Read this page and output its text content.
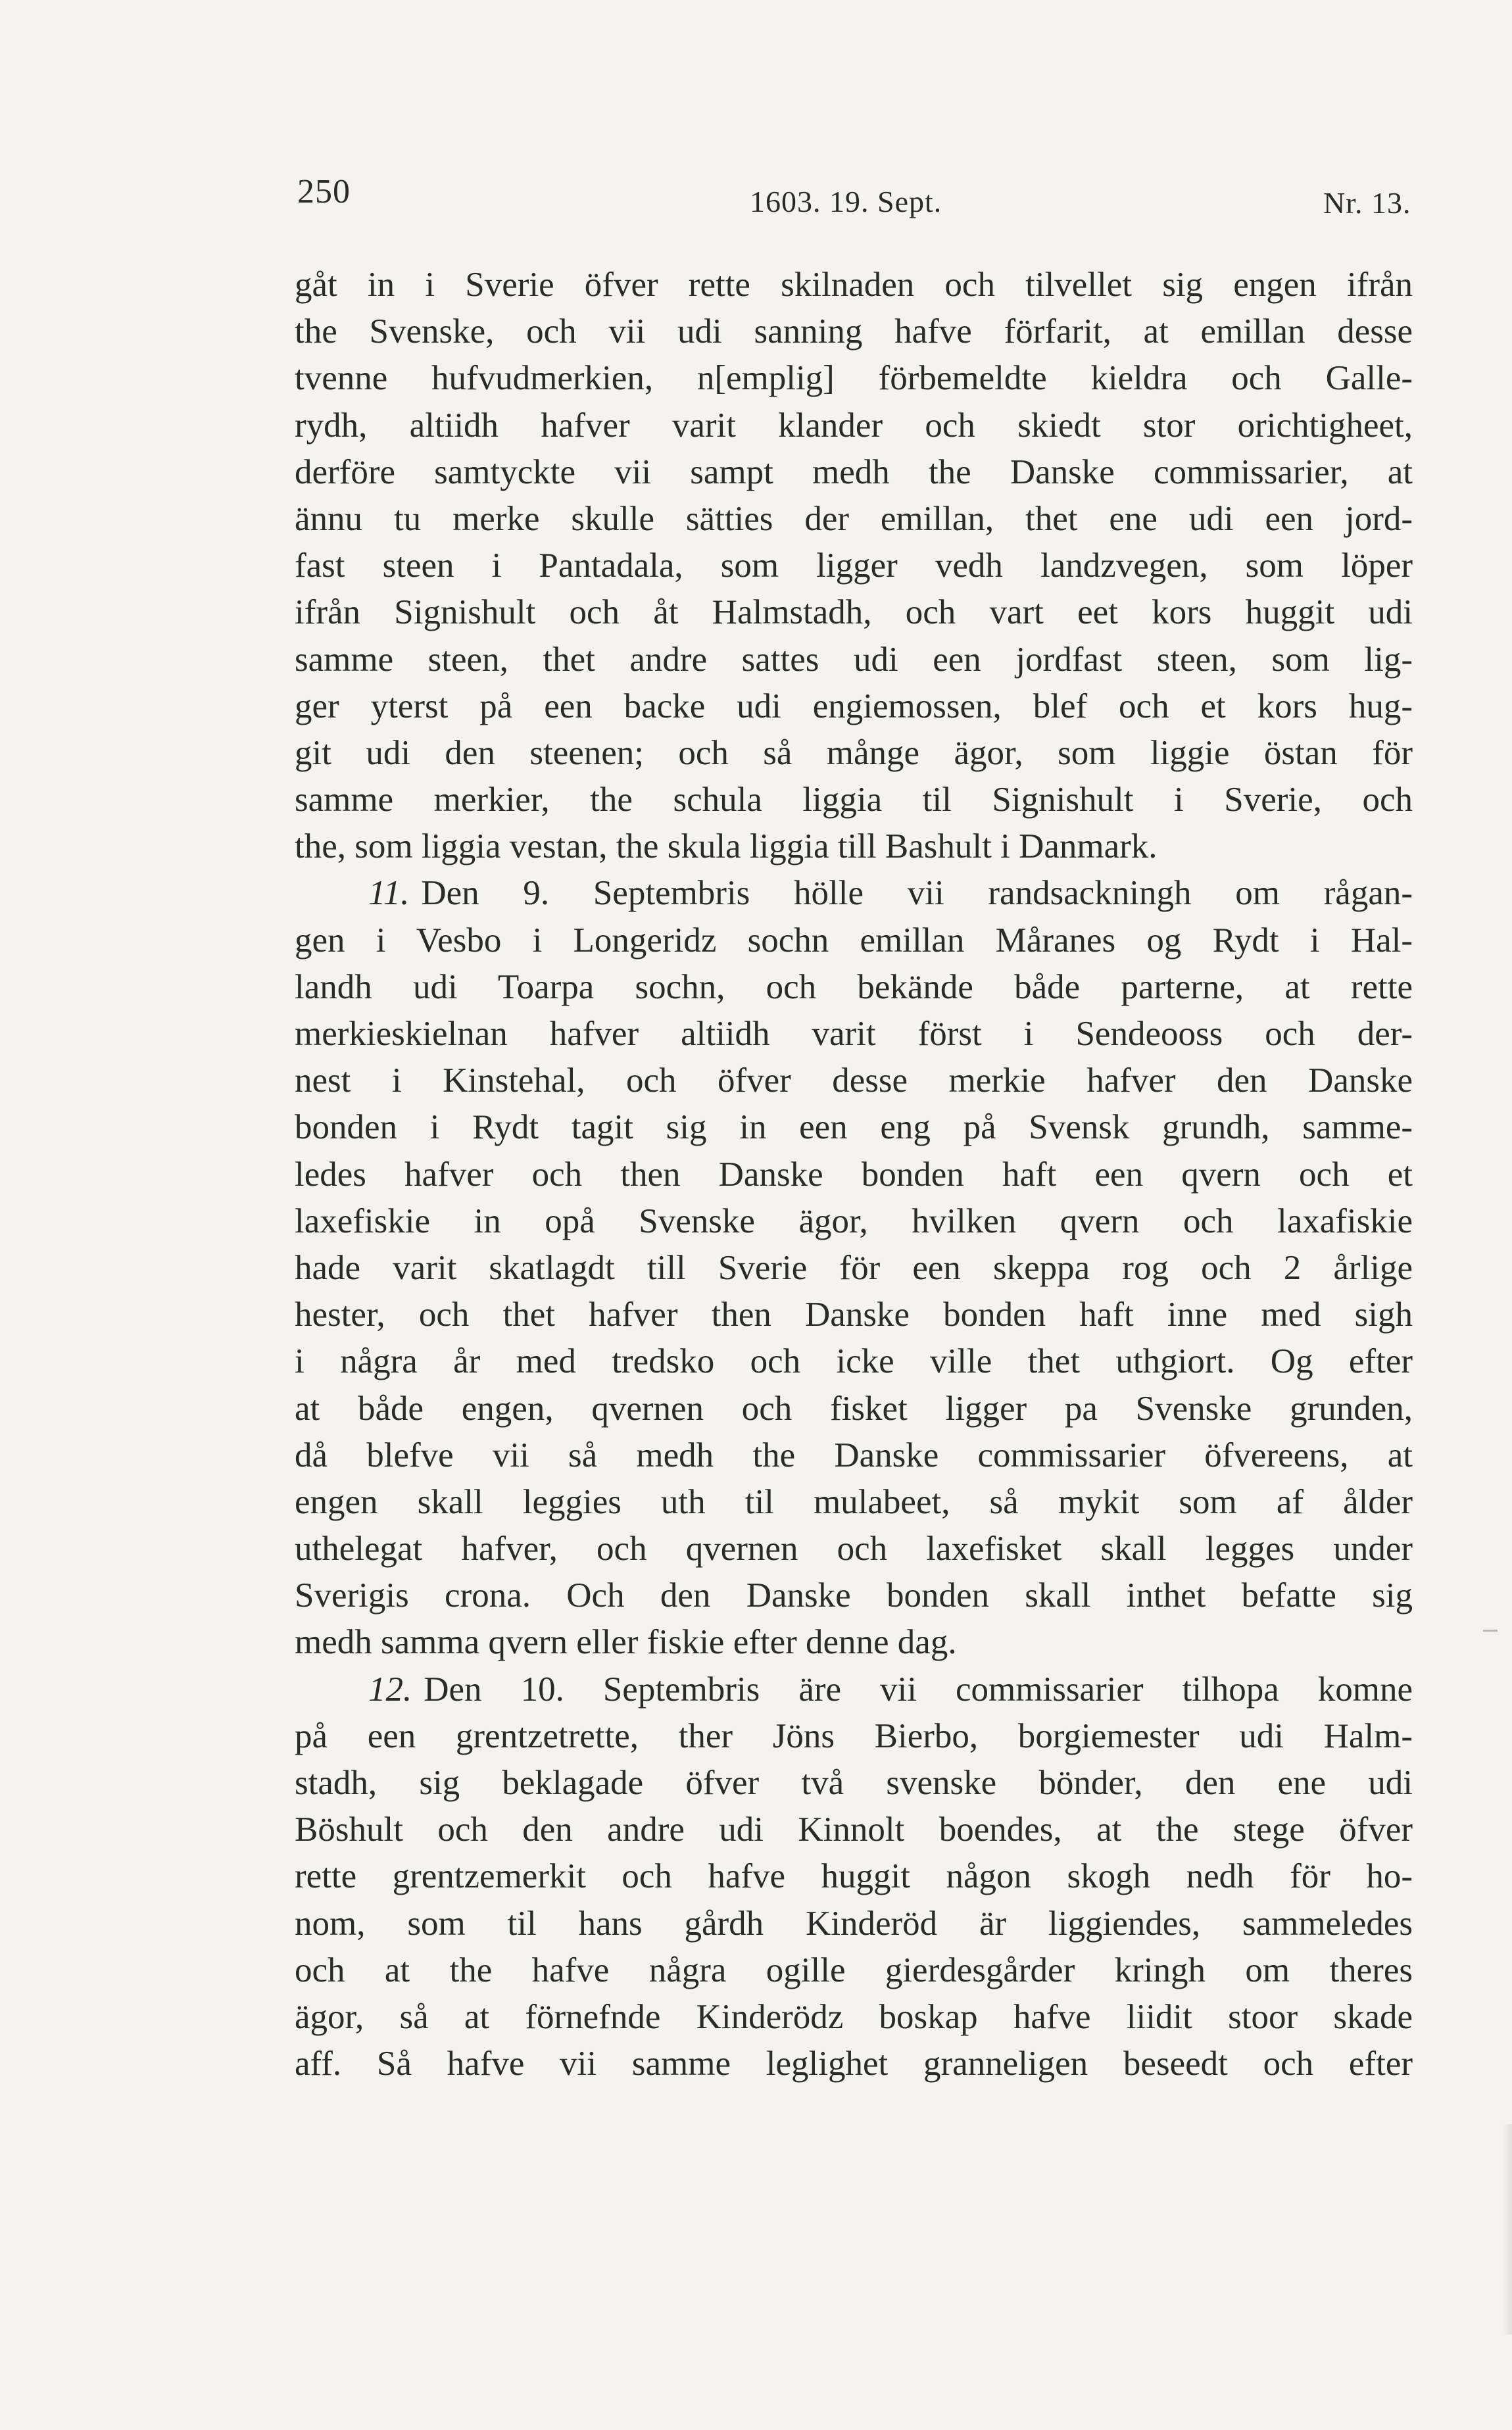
250	1603. 19. Sept.	Nr. 13.
gåt in i Sverie öfver rette skilnaden och tilvellet sig engen ifrån
the Svenske, och vii udi sanning hafve förfarit, at emillan desse
tvenne hufvudmerkien, n[emplig] förbemeldte kieldra och Galle-
rydh, altiidh hafver varit klander och skiedt stor orichtigheet,
derföre samtyckte vii sampt medh the Danske commissarier, at
ännu tu merke skulle sätties der emillan, thet ene udi een jord-
fast steen i Pantadala, som ligger vedh landzvegen, som löper
ifrån Signishult och åt Halmstadh, och vart eet kors huggit udi
samme steen, thet andre sattes udi een jordfast steen, som lig-
ger yterst på een backe udi engiemossen, blef och et kors hug-
git udi den steenen; och så månge ägor, som liggie östan för
samme merkier, the schula liggia til Signishult i Sverie, och
the, som liggia vestan, the skula liggia till Bashult i Danmark.
11. Den 9. Septembris hölle vii randsackningh om rågan-
gen i Vesbo i Longeridz sochn emillan Måranes og Rydt i Hal-
landh udi Toarpa sochn, och bekände både parterne, at rette
merkieskielnan hafver altiidh varit först i Sendeooss och der-
nest i Kinstehal, och öfver desse merkie hafver den Danske
bonden i Rydt tagit sig in een eng på Svensk grundh, samme-
ledes hafver och then Danske bonden haft een qvern och et
laxefiskie in opå Svenske ägor, hvilken qvern och laxafiskie
hade varit skatlagdt till Sverie för een skeppa rog och 2 årlige
hester, och thet hafver then Danske bonden haft inne med sigh
i några år med tredsko och icke ville thet uthgiort. Og efter
at både engen, qvernen och fisket ligger pa Svenske grunden,
då blefve vii så medh the Danske commissarier öfvereens, at
engen skall leggies uth til mulabeet, så mykit som af ålder
uthelegat hafver, och qvernen och laxefisket skall legges under
Sverigis crona. Och den Danske bonden skall inthet befatte sig
medh samma qvern eller fiskie efter denne dag.
12. Den 10. Septembris äre vii commissarier tilhopa komne
på een grentzetrette, ther Jöns Bierbo, borgiemester udi Halm-
stadh, sig beklagade öfver två svenske bönder, den ene udi
Böshult och den andre udi Kinnolt boendes, at the stege öfver
rette grentzemerkit och hafve huggit någon skogh nedh för ho-
nom, som til hans gårdh Kinderöd är liggiendes, sammeledes
och at the hafve några ogille gierdesgårder kringh om theres
ägor, så at förnefnde Kinderödz boskap hafve liidit stoor skade
aff. Så hafve vii samme leglighet granneligen beseedt och efter
